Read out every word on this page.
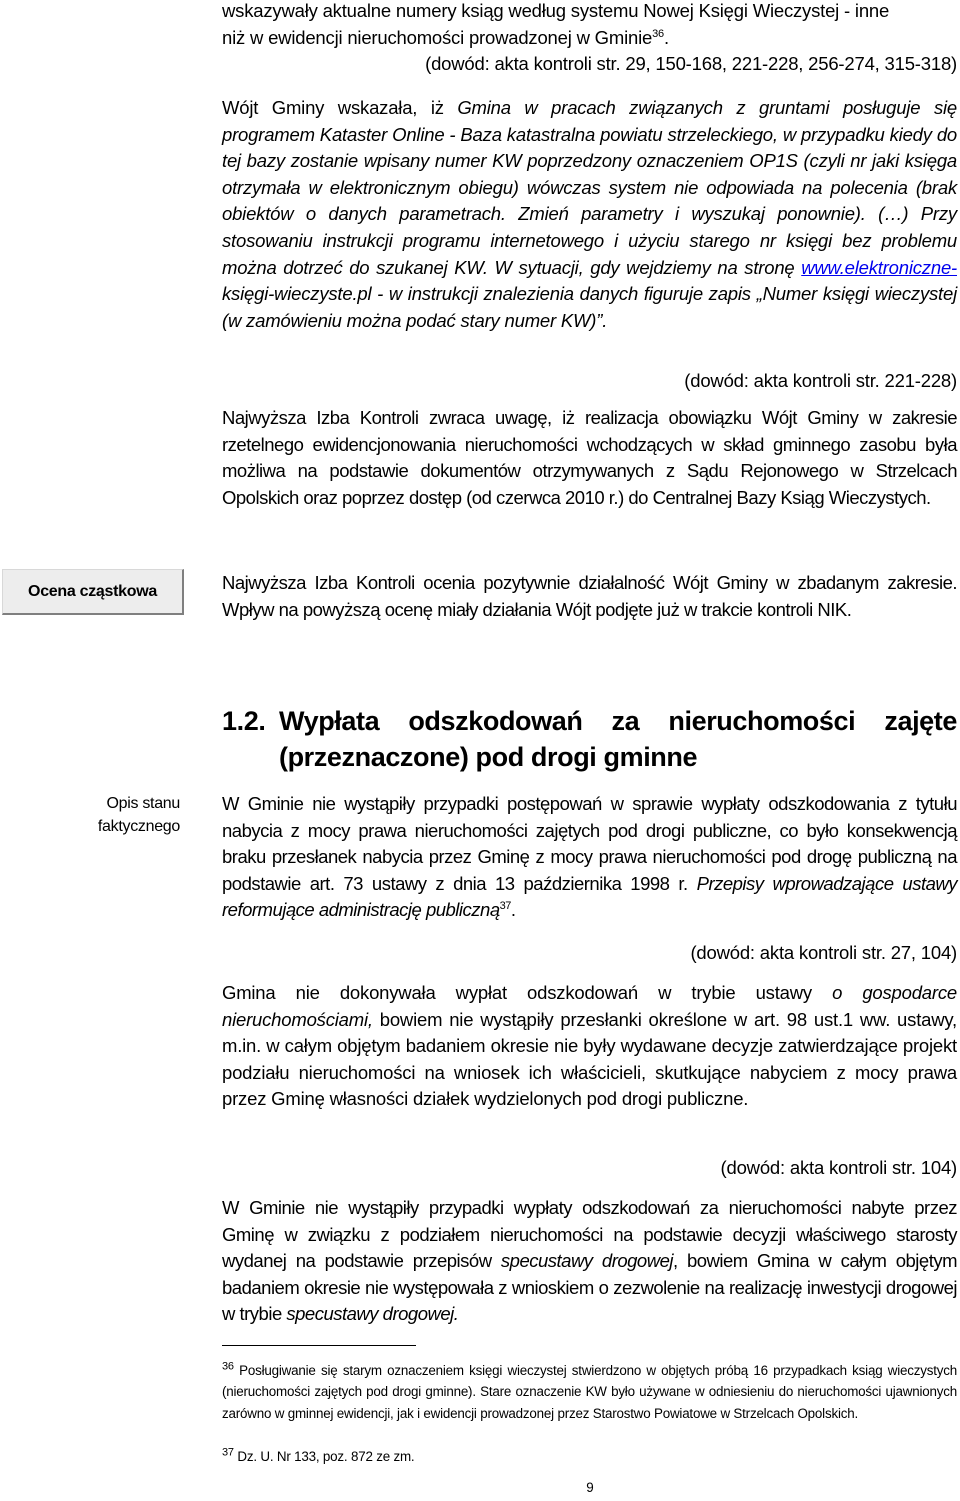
wskazywały aktualne numery ksiąg według systemu Nowej Księgi Wieczystej - inne
niż w ewidencji nieruchomości prowadzonej w Gminie$^{36}$.
(dowód: akta kontroli str. 29, 150-168, 221-228, 256-274, 315-318)
Wójt Gminy wskazała, iż Gmina w pracach związanych z gruntami posługuje się programem Kataster Online - Baza katastralna powiatu strzeleckiego, w przypadku kiedy do tej bazy zostanie wpisany numer KW poprzedzony oznaczeniem OP1S (czyli nr jaki księga otrzymała w elektronicznym obiegu) wówczas system nie odpowiada na polecenia (brak obiektów o danych parametrach. Zmień parametry i wyszukaj ponownie). (…) Przy stosowaniu instrukcji programu internetowego i użyciu starego nr księgi bez problemu można dotrzeć do szukanej KW. W sytuacji, gdy wejdziemy na stronę www.elektroniczne- księgi-wieczyste.pl - w instrukcji znalezienia danych figuruje zapis „Numer księgi wieczystej (w zamówieniu można podać stary numer KW)”.
(dowód: akta kontroli str. 221-228)
Najwyższa Izba Kontroli zwraca uwagę, iż realizacja obowiązku Wójt Gminy w zakresie rzetelnego ewidencjonowania nieruchomości wchodzących w skład gminnego zasobu była możliwa na podstawie dokumentów otrzymywanych z Sądu Rejonowego w Strzelcach Opolskich oraz poprzez dostęp (od czerwca 2010 r.) do Centralnej Bazy Ksiąg Wieczystych.
Ocena cząstkowa	Najwyższa Izba Kontroli ocenia pozytywnie działalność Wójt Gminy w zbadanym zakresie. Wpływ na powyższą ocenę miały działania Wójt podjęte już w trakcie kontroli NIK.
1.2. Wypłata odszkodowań za nieruchomości zajęte
(przeznaczone) pod drogi gminne
Opis stanu
faktycznego
W Gminie nie wystąpiły przypadki postępowań w sprawie wypłaty odszkodowania z tytułu nabycia z mocy prawa nieruchomości zajętych pod drogi publiczne, co było konsekwencją braku przesłanek nabycia przez Gminę z mocy prawa nieruchomości pod drogę publiczną na podstawie art. 73 ustawy z dnia 13 października 1998 r. Przepisy wprowadzające ustawy reformujące administrację publiczną$^{37}$.
(dowód: akta kontroli str. 27, 104)
Gmina nie dokonywała wypłat odszkodowań w trybie ustawy o gospodarce nieruchomościami, bowiem nie wystąpiły przesłanki określone w art. 98 ust.1 ww. ustawy, m.in. w całym objętym badaniem okresie nie były wydawane decyzje zatwierdzające projekt podziału nieruchomości na wniosek ich właścicieli, skutkujące nabyciem z mocy prawa przez Gminę własności działek wydzielonych pod drogi publiczne.
(dowód: akta kontroli str. 104)
W Gminie nie wystąpiły przypadki wypłaty odszkodowań za nieruchomości nabyte przez Gminę w związku z podziałem nieruchomości na podstawie decyzji właściwego starosty wydanej na podstawie przepisów specustawy drogowej, bowiem Gmina w całym objętym badaniem okresie nie występowała z wnioskiem o zezwolenie na realizację inwestycji drogowej w trybie specustawy drogowej.
$^{36}$ Posługiwanie się starym oznaczeniem księgi wieczystej stwierdzono w objętych próbą 16 przypadkach ksiąg wieczystych (nieruchomości zajętych pod drogi gminne). Stare oznaczenie KW było używane w odniesieniu do nieruchomości ujawnionych zarówno w gminnej ewidencji, jak i ewidencji prowadzonej przez Starostwo Powiatowe w Strzelcach Opolskich.
$^{37}$ Dz. U. Nr 133, poz. 872 ze zm.
9
